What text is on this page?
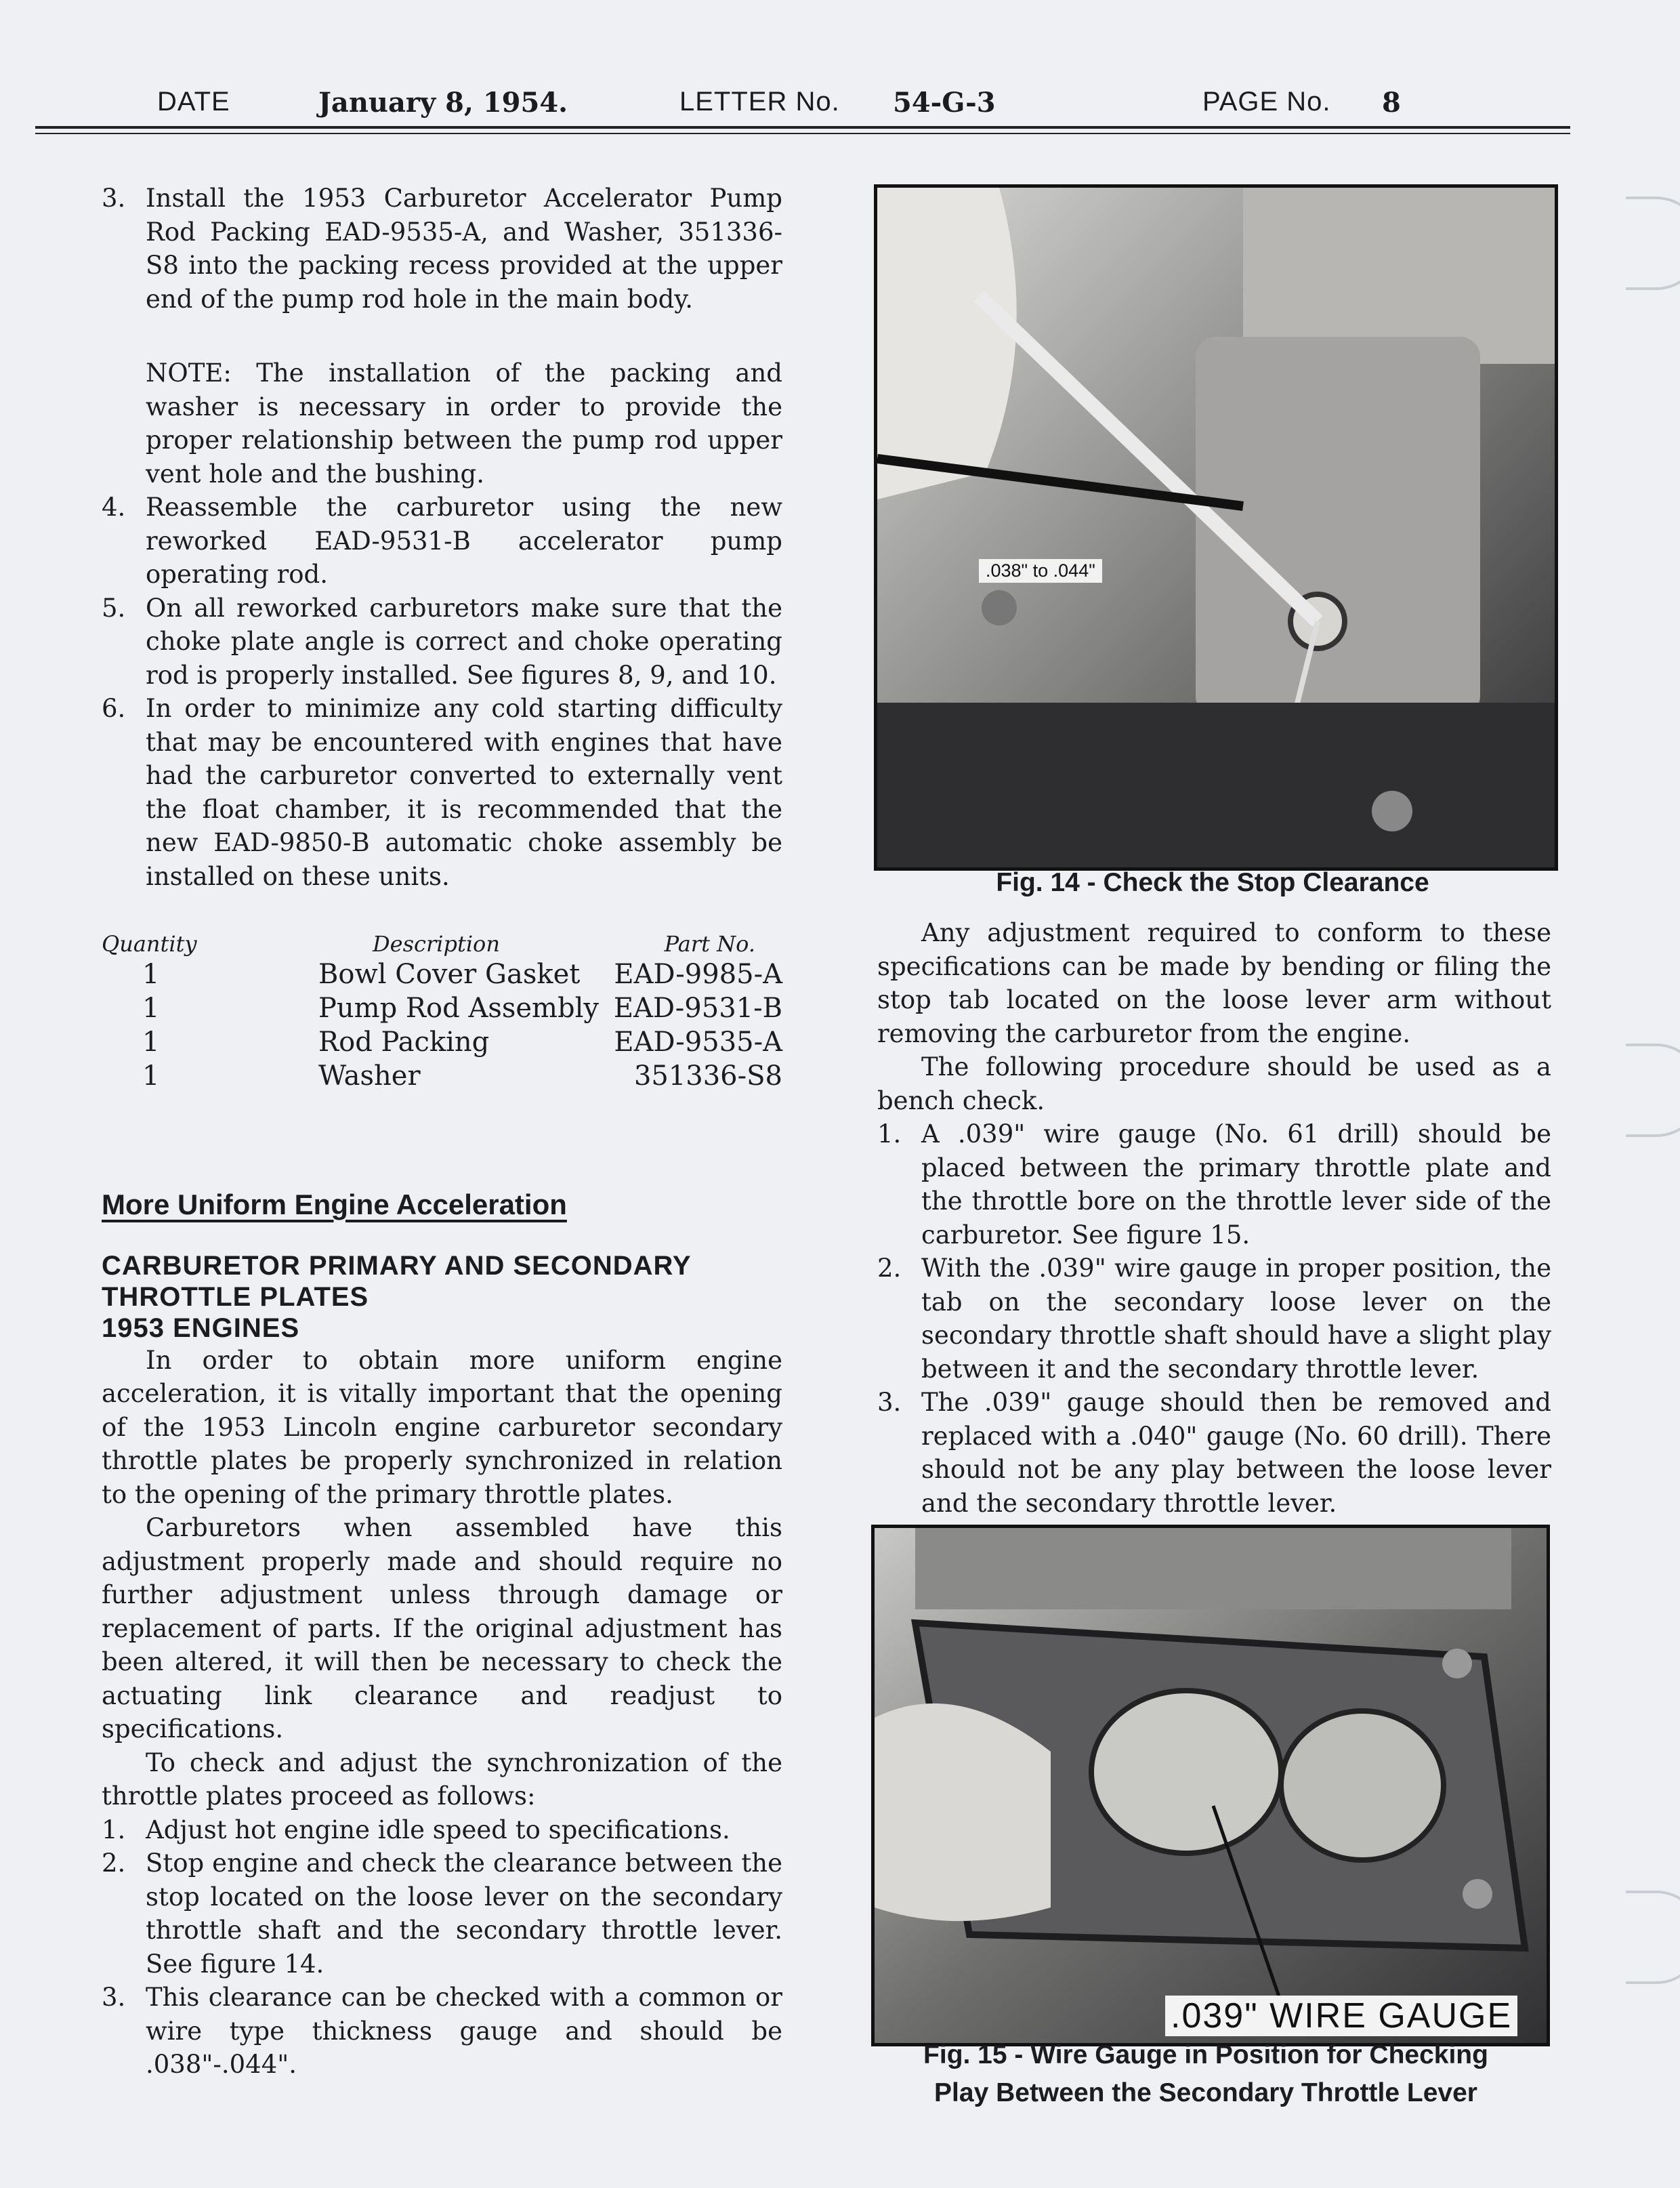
DATE	January 8, 1954.	LETTER No. 54-G-3	PAGE No. 8
3. Install the 1953 Carburetor Accelerator Pump Rod Packing EAD-9535-A, and Washer, 351336-S8 into the packing recess provided at the upper end of the pump rod hole in the main body.
NOTE: The installation of the packing and washer is necessary in order to provide the proper relationship between the pump rod upper vent hole and the bushing.
4. Reassemble the carburetor using the new reworked EAD-9531-B accelerator pump operating rod.
5. On all reworked carburetors make sure that the choke plate angle is correct and choke operating rod is properly installed. See figures 8, 9, and 10.
6. In order to minimize any cold starting difficulty that may be encountered with engines that have had the carburetor converted to externally vent the float chamber, it is recommended that the new EAD-9850-B automatic choke assembly be installed on these units.
Quantity	Description	Part No.
1	Bowl Cover Gasket	EAD-9985-A
1	Pump Rod Assembly	EAD-9531-B
1	Rod Packing	EAD-9535-A
1	Washer	351336-S8
More Uniform Engine Acceleration
CARBURETOR PRIMARY AND SECONDARY
THROTTLE PLATES
1953 ENGINES
In order to obtain more uniform engine acceleration, it is vitally important that the opening of the 1953 Lincoln engine carburetor secondary throttle plates be properly synchronized in relation to the opening of the primary throttle plates.
Carburetors when assembled have this adjustment properly made and should require no further adjustment unless through damage or replacement of parts. If the original adjustment has been altered, it will then be necessary to check the actuating link clearance and readjust to specifications.
To check and adjust the synchronization of the throttle plates proceed as follows:
1. Adjust hot engine idle speed to specifications.
2. Stop engine and check the clearance between the stop located on the loose lever on the secondary throttle shaft and the secondary throttle lever. See figure 14.
3. This clearance can be checked with a common or wire type thickness gauge and should be .038"-.044".
.038" to .044"
Fig. 14 - Check the Stop Clearance
Any adjustment required to conform to these specifications can be made by bending or filing the stop tab located on the loose lever arm without removing the carburetor from the engine.
The following procedure should be used as a bench check.
1. A .039" wire gauge (No. 61 drill) should be placed between the primary throttle plate and the throttle bore on the throttle lever side of the carburetor. See figure 15.
2. With the .039" wire gauge in proper position, the tab on the secondary loose lever on the secondary throttle shaft should have a slight play between it and the secondary throttle lever.
3. The .039" gauge should then be removed and replaced with a .040" gauge (No. 60 drill). There should not be any play between the loose lever and the secondary throttle lever.
.039" WIRE GAUGE
Fig. 15 - Wire Gauge in Position for Checking
Play Between the Secondary Throttle Lever
